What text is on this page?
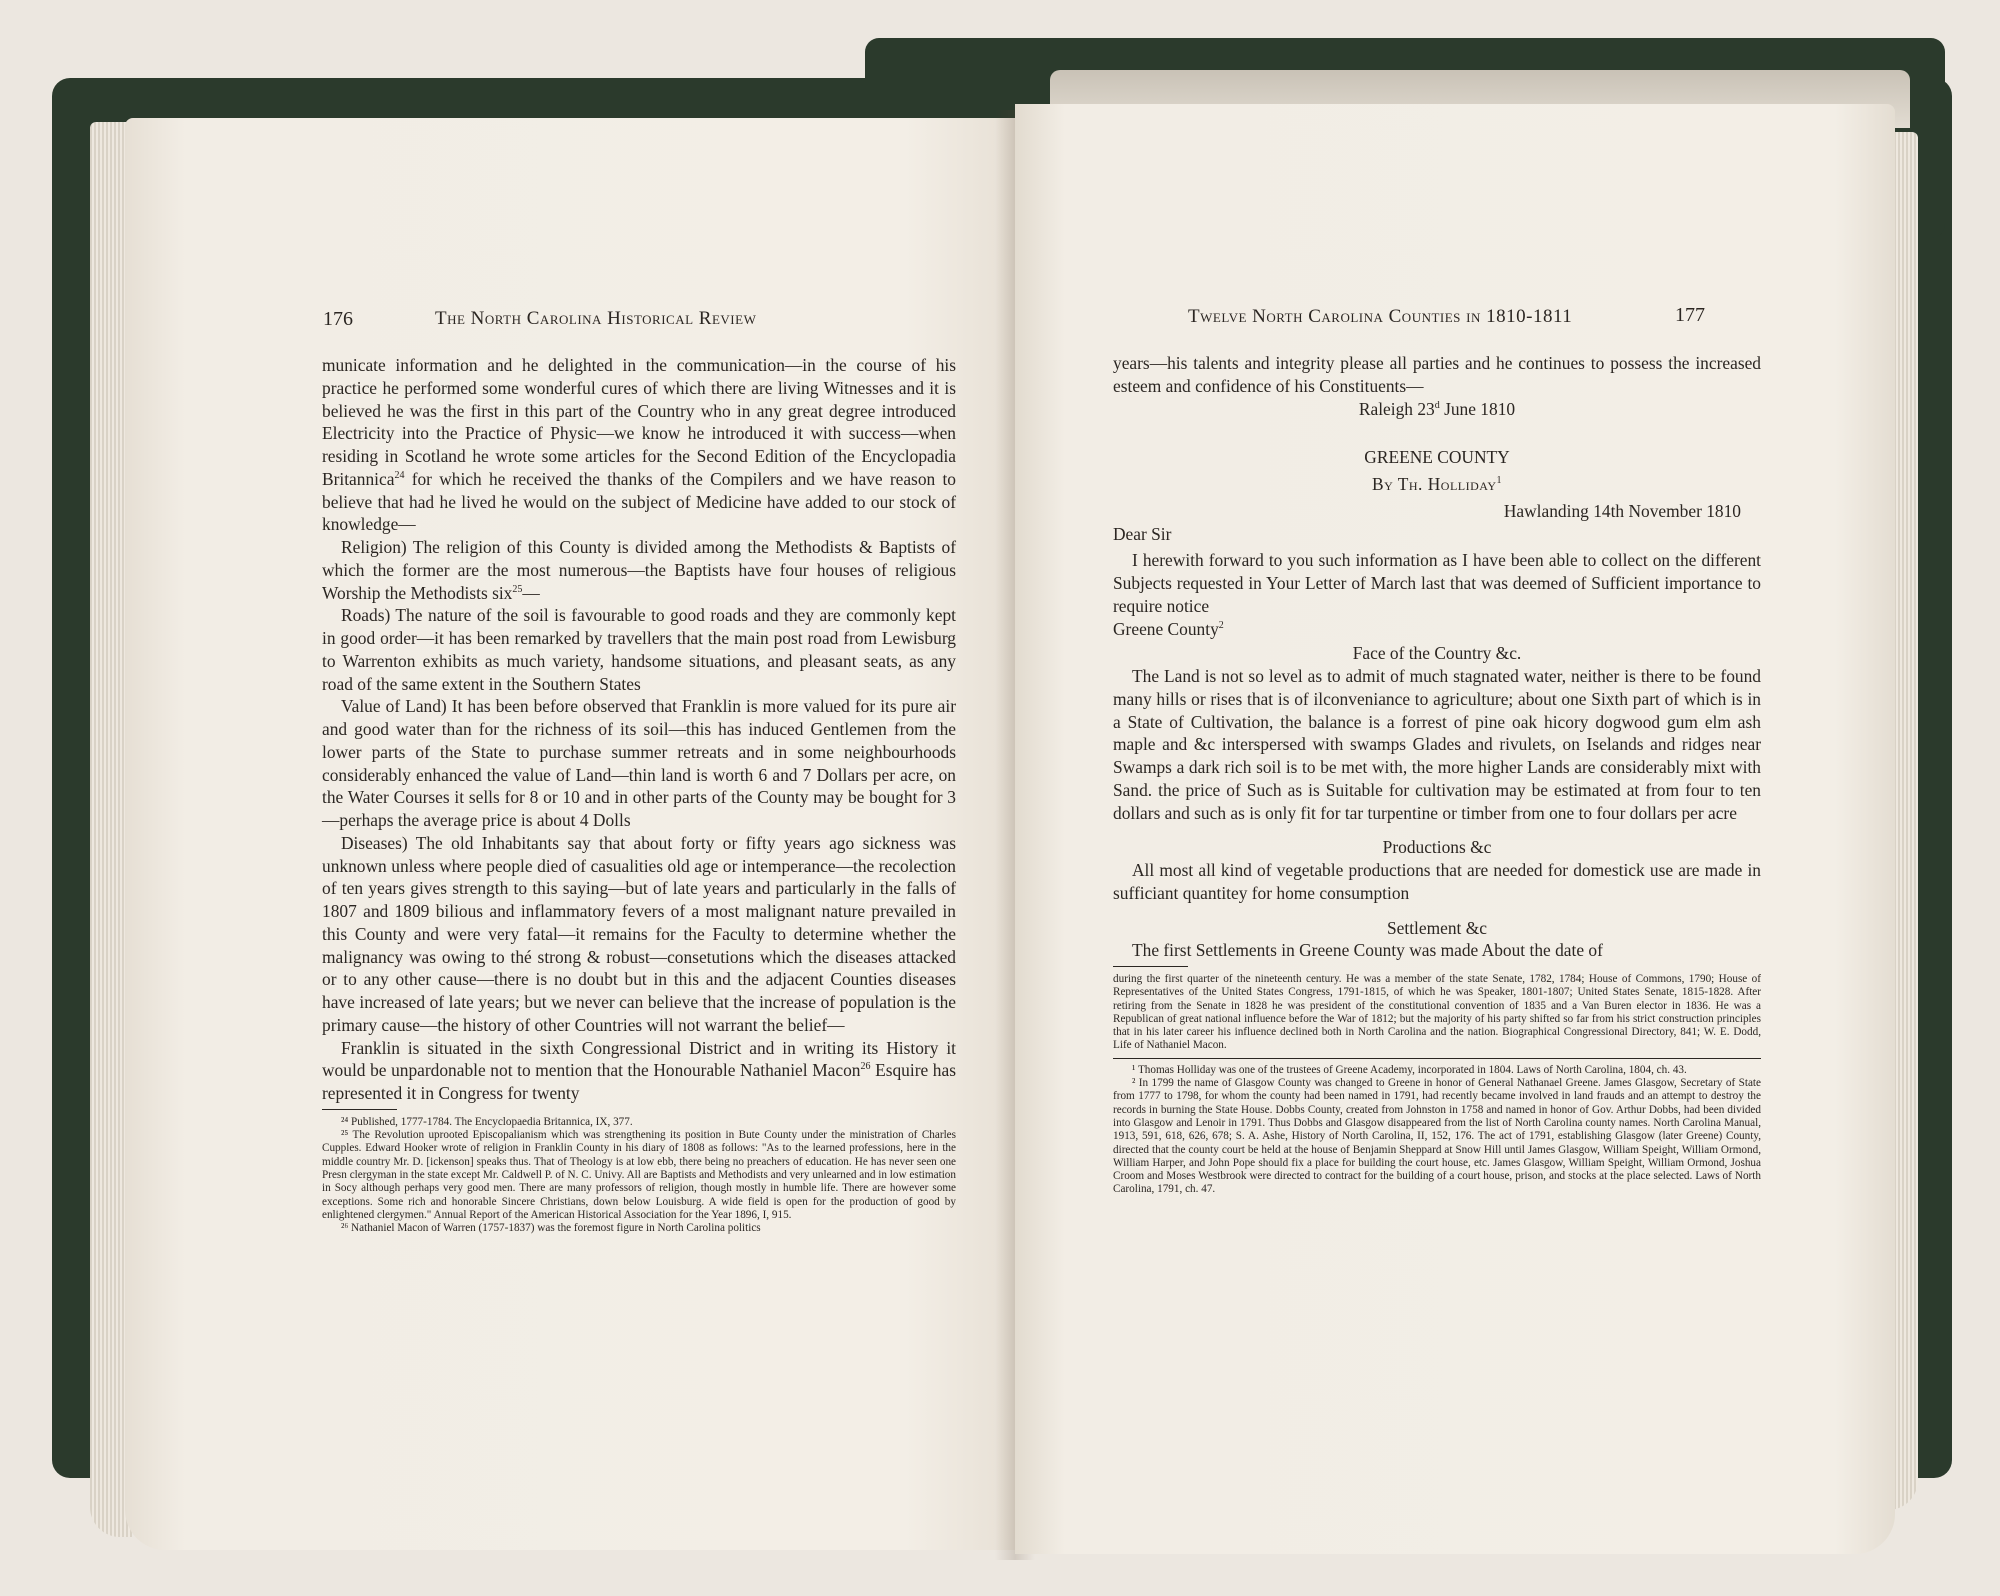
176	The North Carolina Historical Review

municate information and he delighted in the communication—in the course of his practice he performed some wonderful cures of which there are living Witnesses and it is believed he was the first in this part of the Country who in any great degree introduced Electricity into the Practice of Physic—we know he introduced it with success—when residing in Scotland he wrote some articles for the Second Edition of the Encyclopadia Britannica$^{24}$ for which he received the thanks of the Compilers and we have reason to believe that had he lived he would on the subject of Medicine have added to our stock of knowledge—

Religion) The religion of this County is divided among the Methodists & Baptists of which the former are the most numerous—the Baptists have four houses of religious Worship the Methodists six$^{25}$—

Roads) The nature of the soil is favourable to good roads and they are commonly kept in good order—it has been remarked by travellers that the main post road from Lewisburg to Warrenton exhibits as much variety, handsome situations, and pleasant seats, as any road of the same extent in the Southern States

Value of Land) It has been before observed that Franklin is more valued for its pure air and good water than for the richness of its soil—this has induced Gentlemen from the lower parts of the State to purchase summer retreats and in some neighbourhoods considerably enhanced the value of Land—thin land is worth 6 and 7 Dollars per acre, on the Water Courses it sells for 8 or 10 and in other parts of the County may be bought for 3—perhaps the average price is about 4 Dolls

Diseases) The old Inhabitants say that about forty or fifty years ago sickness was unknown unless where people died of casualities old age or intemperance—the recolection of ten years gives strength to this saying—but of late years and particularly in the falls of 1807 and 1809 bilious and inflammatory fevers of a most malignant nature prevailed in this County and were very fatal—it remains for the Faculty to determine whether the malignancy was owing to thé strong & robust—consetutions which the diseases attacked or to any other cause—there is no doubt but in this and the adjacent Counties diseases have increased of late years; but we never can believe that the increase of population is the primary cause—the history of other Countries will not warrant the belief—

Franklin is situated in the sixth Congressional District and in writing its History it would be unpardonable not to mention that the Honourable Nathaniel Macon$^{26}$ Esquire has represented it in Congress for twenty

²⁴ Published, 1777-1784. The Encyclopaedia Britannica, IX, 377.

²⁵ The Revolution uprooted Episcopalianism which was strengthening its position in Bute County under the ministration of Charles Cupples. Edward Hooker wrote of religion in Franklin County in his diary of 1808 as follows: "As to the learned professions, here in the middle country Mr. D. [ickenson] speaks thus. That of Theology is at low ebb, there being no preachers of education. He has never seen one Presn clergyman in the state except Mr. Caldwell P. of N. C. Univy. All are Baptists and Methodists and very unlearned and in low estimation in Socy although perhaps very good men. There are many professors of religion, though mostly in humble life. There are however some exceptions. Some rich and honorable Sincere Christians, down below Louisburg. A wide field is open for the production of good by enlightened clergymen." Annual Report of the American Historical Association for the Year 1896, I, 915.

²⁶ Nathaniel Macon of Warren (1757-1837) was the foremost figure in North Carolina politics

Twelve North Carolina Counties in 1810-1811	177

years—his talents and integrity please all parties and he continues to possess the increased esteem and confidence of his Constituents—

Raleigh 23$^d$ June 1810

GREENE COUNTY

By Th. Holliday$^1$

Hawlanding 14th November 1810

Dear Sir

I herewith forward to you such information as I have been able to collect on the different Subjects requested in Your Letter of March last that was deemed of Sufficient importance to require notice

Greene County$^2$

Face of the Country &c.

The Land is not so level as to admit of much stagnated water, neither is there to be found many hills or rises that is of ilconveniance to agriculture; about one Sixth part of which is in a State of Cultivation, the balance is a forrest of pine oak hicory dogwood gum elm ash maple and &c interspersed with swamps Glades and rivulets, on Iselands and ridges near Swamps a dark rich soil is to be met with, the more higher Lands are considerably mixt with Sand. the price of Such as is Suitable for cultivation may be estimated at from four to ten dollars and such as is only fit for tar turpentine or timber from one to four dollars per acre

Productions &c

All most all kind of vegetable productions that are needed for domestick use are made in sufficiant quantitey for home consumption

Settlement &c

The first Settlements in Greene County was made About the date of

during the first quarter of the nineteenth century. He was a member of the state Senate, 1782, 1784; House of Commons, 1790; House of Representatives of the United States Congress, 1791-1815, of which he was Speaker, 1801-1807; United States Senate, 1815-1828. After retiring from the Senate in 1828 he was president of the constitutional convention of 1835 and a Van Buren elector in 1836. He was a Republican of great national influence before the War of 1812; but the majority of his party shifted so far from his strict construction principles that in his later career his influence declined both in North Carolina and the nation. Biographical Congressional Directory, 841; W. E. Dodd, Life of Nathaniel Macon.

¹ Thomas Holliday was one of the trustees of Greene Academy, incorporated in 1804. Laws of North Carolina, 1804, ch. 43.

² In 1799 the name of Glasgow County was changed to Greene in honor of General Nathanael Greene. James Glasgow, Secretary of State from 1777 to 1798, for whom the county had been named in 1791, had recently became involved in land frauds and an attempt to destroy the records in burning the State House. Dobbs County, created from Johnston in 1758 and named in honor of Gov. Arthur Dobbs, had been divided into Glasgow and Lenoir in 1791. Thus Dobbs and Glasgow disappeared from the list of North Carolina county names. North Carolina Manual, 1913, 591, 618, 626, 678; S. A. Ashe, History of North Carolina, II, 152, 176. The act of 1791, establishing Glasgow (later Greene) County, directed that the county court be held at the house of Benjamin Sheppard at Snow Hill until James Glasgow, William Speight, William Ormond, William Harper, and John Pope should fix a place for building the court house, etc. James Glasgow, William Speight, William Ormond, Joshua Croom and Moses Westbrook were directed to contract for the building of a court house, prison, and stocks at the place selected. Laws of North Carolina, 1791, ch. 47.
